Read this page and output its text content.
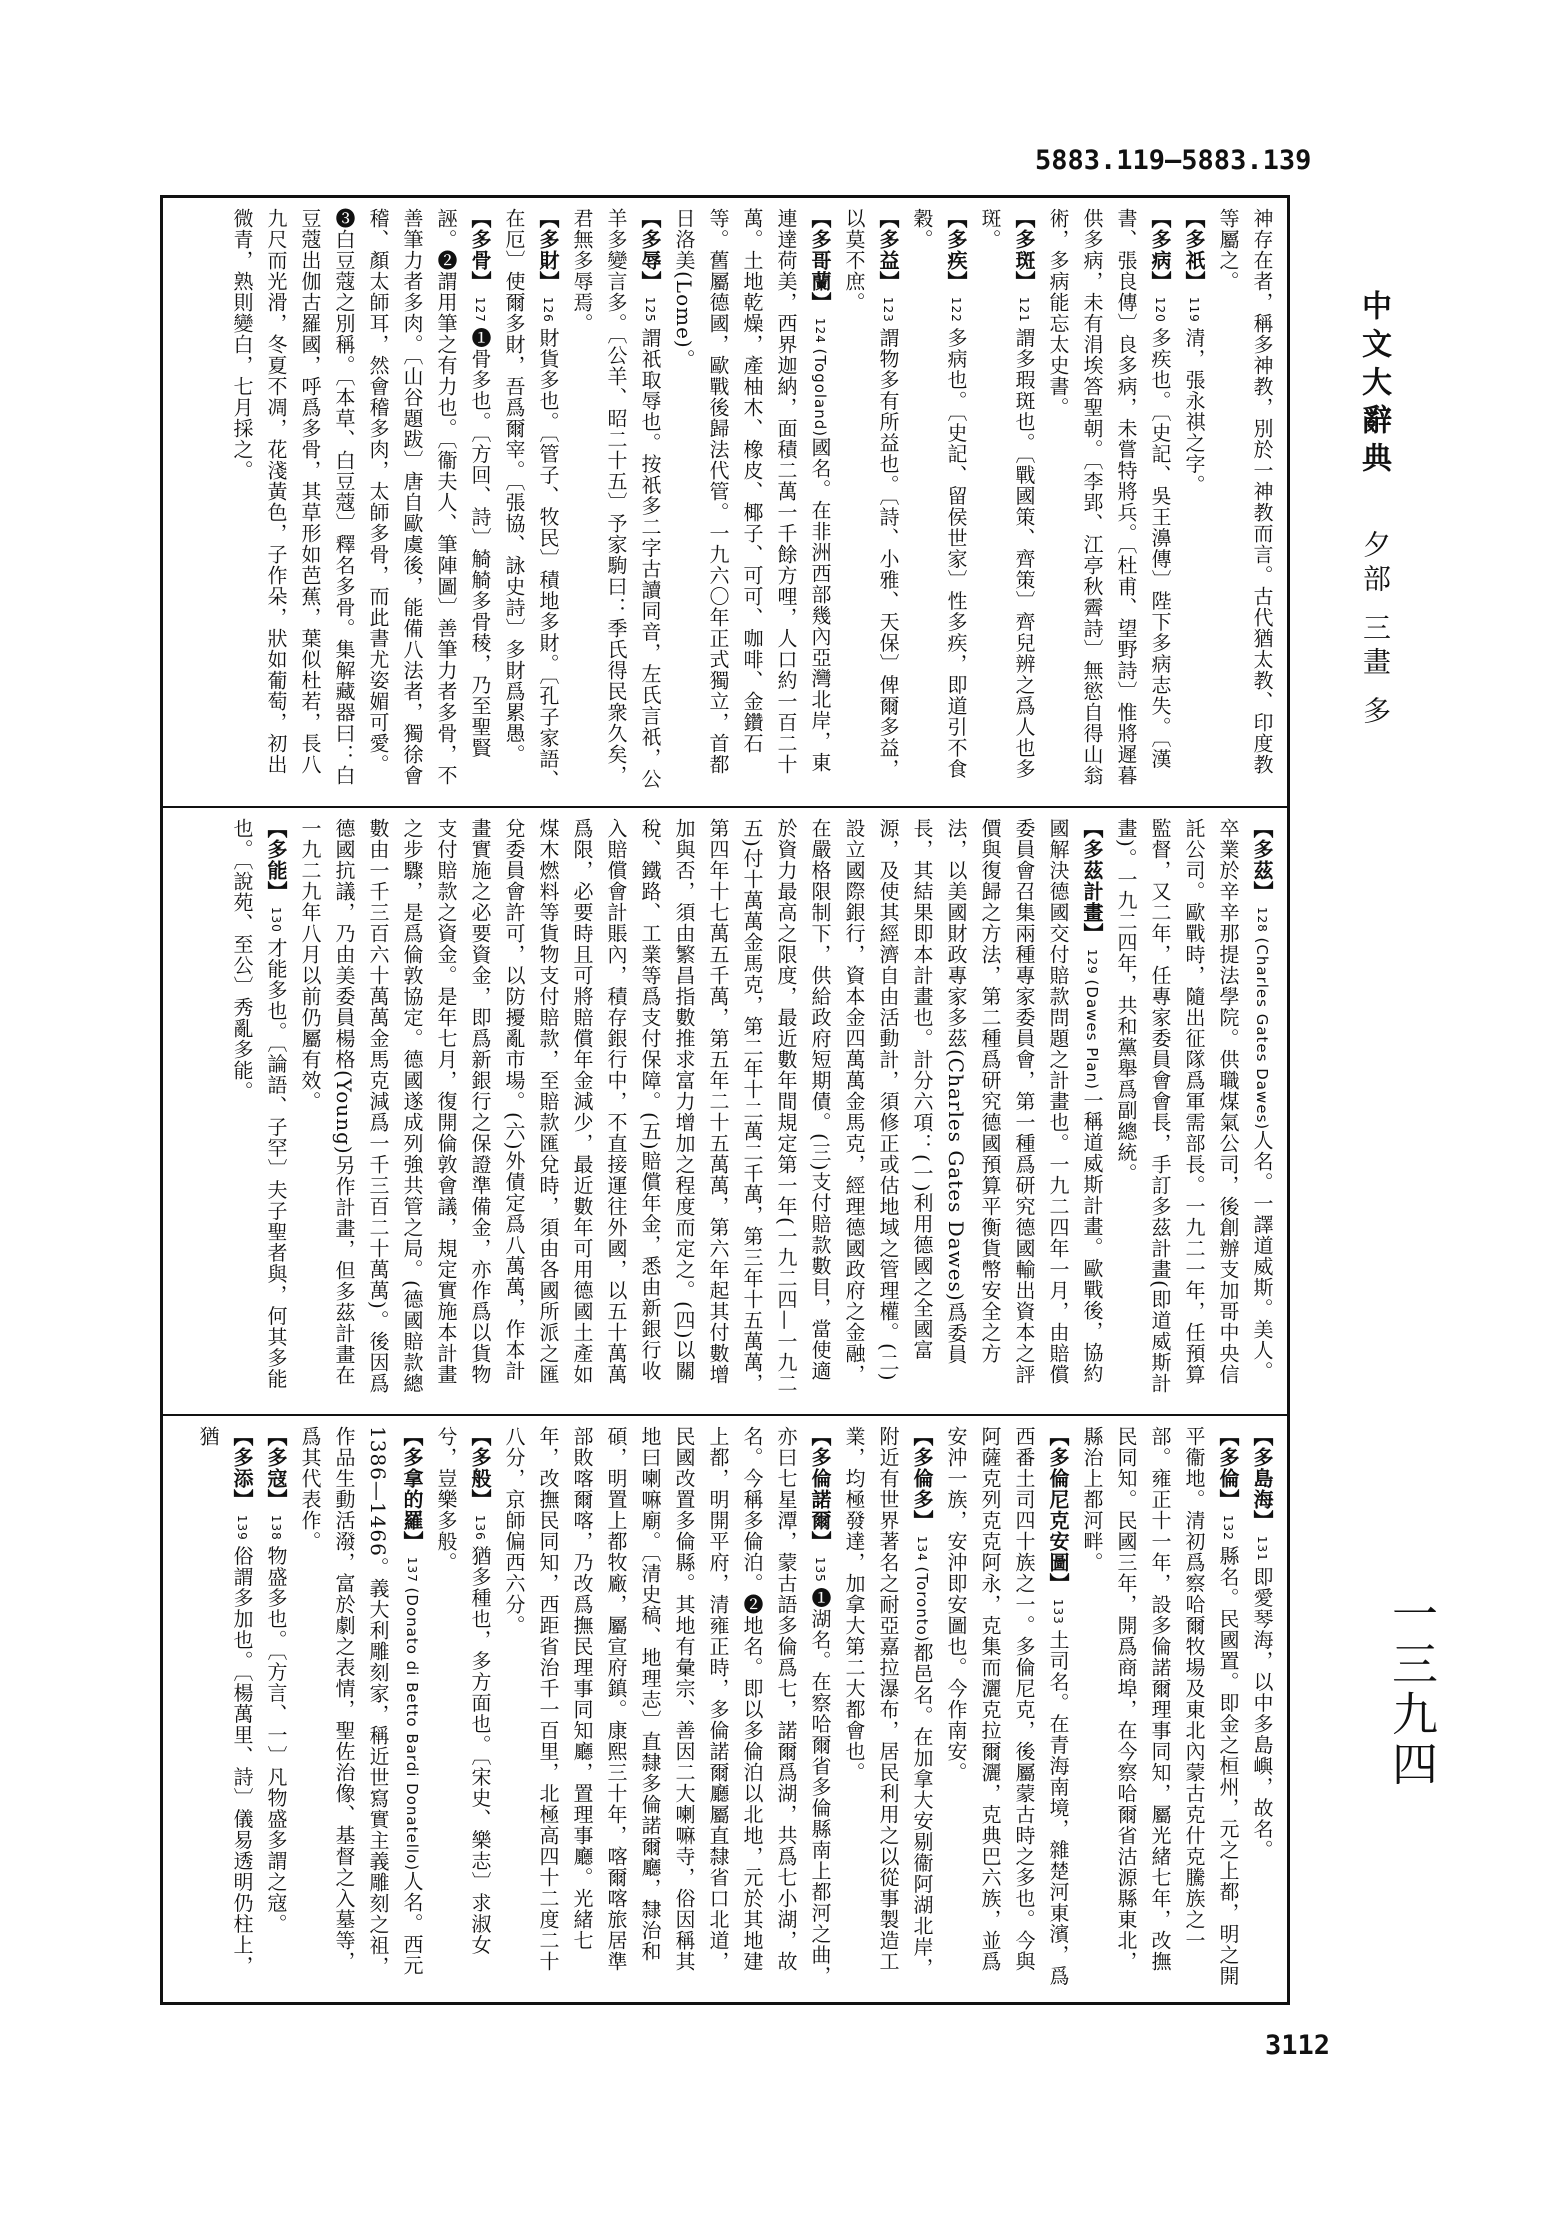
5883.119—5883.139
中文大辭典
夕部 三畫 多
一三九四
3112
神存在者，稱多神教，別於一神教而言。古代猶太教、印度教等屬之。
【 多祇 】 119 清，張永祺之字。
【 多病 】 120 多疾也。〔史記、吳王濞傳〕陛下多病志失。〔漢書、張良傳〕良多病，未嘗特將兵。〔杜甫、望野詩〕惟將遲暮供多病，未有涓埃答聖朝。〔李郢、江亭秋霽詩〕無慾自得山翁術，多病能忘太史書。
【 多斑 】 121 謂多瑕斑也。〔戰國策、齊策〕齊兒辨之爲人也多斑。
【 多疾 】 122 多病也。〔史記、留侯世家〕性多疾，即道引不食穀。
【 多益 】 123 謂物多有所益也。〔詩、小雅、天保〕俾爾多益，以莫不庶。
【 多哥蘭 】 124 (Togoland)國名。在非洲西部幾內亞灣北岸，東連達荷美，西界迦納，面積二萬一千餘方哩，人口約一百二十萬。土地乾燥，產柚木、橡皮、椰子、可可、咖啡、金鑽石等。舊屬德國，歐戰後歸法代管。一九六〇年正式獨立，首都日洛美(Lome)。
【 多辱 】 125 謂祇取辱也。按祇多二字古讀同音，左氏言祇，公羊多變言多。〔公羊、昭二十五〕予家駒曰：季氏得民衆久矣，君無多辱焉。
【 多財 】 126 財貨多也。〔管子、牧民〕積地多財。〔孔子家語、在厄〕使爾多財，吾爲爾宰。〔張協、詠史詩〕多財爲累愚。
【 多骨 】 127 ❶骨多也。〔方回、詩〕觭觭多骨稜，乃至聖賢誣。❷謂用筆之有力也。〔衞夫人、筆陣圖〕善筆力者多骨，不善筆力者多肉。〔山谷題跋〕唐自歐虞後，能備八法者，獨徐會稽、顏太師耳，然會稽多肉，太師多骨，而此書尤姿媚可愛。❸白豆蔻之別稱。〔本草、白豆蔻〕釋名多骨。集解藏器曰：白豆蔻出伽古羅國，呼爲多骨，其草形如芭蕉，葉似杜若，長八九尺而光滑，冬夏不凋，花淺黃色，子作朵，狀如葡萄，初出微青，熟則變白，七月採之。
【 多茲 】 128 (Charles Gates Dawes)人名。一譯道威斯。美人。卒業於辛辛那提法學院。供職煤氣公司，後創辦支加哥中央信託公司。歐戰時，隨出征隊爲軍需部長。一九二一年，任預算監督，又二年，任專家委員會會長，手訂多茲計畫(即道威斯計畫)。一九二四年，共和黨舉爲副總統。
【 多茲計畫 】 129 (Dawes Plan)一稱道威斯計畫。歐戰後，協約國解決德國交付賠款問題之計畫也。一九二四年一月，由賠償委員會召集兩種專家委員會，第一種爲研究德國輸出資本之評價與復歸之方法，第二種爲研究德國預算平衡貨幣安全之方法，以美國財政專家多茲(Charles Gates Dawes)爲委員長，其結果即本計畫也。計分六項：(一)利用德國之全國富源，及使其經濟自由活動計，須修正或估地域之管理權。(二)設立國際銀行，資本金四萬萬金馬克，經理德國政府之金融，在嚴格限制下，供給政府短期債。(三)支付賠款數目，當使適於資力最高之限度，最近數年間規定第一年(一九二四—一九二五)付十萬萬金馬克，第二年十二萬二千萬，第三年十五萬萬，第四年十七萬五千萬，第五年二十五萬萬，第六年起其付數增加與否，須由繁昌指數推求富力增加之程度而定之。(四)以關稅、鐵路、工業等爲支付保障。(五)賠償年金，悉由新銀行收入賠償會計賬內，積存銀行中，不直接運往外國，以五十萬萬爲限，必要時且可將賠償年金減少，最近數年可用德國土產如煤木燃料等貨物支付賠款，至賠款匯兌時，須由各國所派之匯兌委員會許可，以防擾亂市場。(六)外債定爲八萬萬，作本計畫實施之必要資金，即爲新銀行之保證準備金，亦作爲以貨物支付賠款之資金。是年七月，復開倫敦會議，規定實施本計畫之步驟，是爲倫敦協定。德國遂成列強共管之局。(德國賠款總數由一千三百六十萬萬金馬克減爲一千三百二十萬萬)。後因爲德國抗議，乃由美委員楊格(Young)另作計畫，但多茲計畫在一九二九年八月以前仍屬有效。
【 多能 】 130 才能多也。〔論語、子罕〕夫子聖者與，何其多能也。〔說苑、至公〕秀亂多能。
【 多島海 】 131 即愛琴海，以中多島嶼，故名。
【 多倫 】 132 縣名。民國置。即金之桓州，元之上都，明之開平衞地。清初爲察哈爾牧場及東北內蒙古克什克騰族之一部。雍正十一年，設多倫諾爾理事同知，屬光緒七年，改撫民同知。民國三年，開爲商埠，在今察哈爾省沽源縣東北，縣治上都河畔。
【 多倫尼克安圖 】 133 土司名。在青海南境，雜楚河東濱，爲西番土司四十族之一。多倫尼克，後屬蒙古時之多也。今與阿薩克列克克阿永，克集而灑克拉爾灑，克典巴六族，並爲安沖一族，安沖即安圖也。今作南安。
【 多倫多 】 134 (Toronto)都邑名。在加拿大安剔衞阿湖北岸，附近有世界著名之耐亞嘉拉瀑布，居民利用之以從事製造工業，均極發達，加拿大第二大都會也。
【 多倫諾爾 】 135 ❶湖名。在察哈爾省多倫縣南上都河之曲，亦曰七星潭，蒙古語多倫爲七，諾爾爲湖，共爲七小湖，故名。今稱多倫泊。❷地名。即以多倫泊以北地，元於其地建上都，明開平府，清雍正時，多倫諾爾廳屬直隸省口北道，民國改置多倫縣。其地有彙宗、善因二大喇嘛寺，俗因稱其地曰喇嘛廟。〔清史稿、地理志〕直隸多倫諾爾廳，隸治和碩，明置上都牧廠，屬宣府鎮。康熙三十年，喀爾喀旅居準部敗喀爾喀，乃改爲撫民理事同知廳，置理事廳。光緒七年，改撫民同知，西距省治千一百里，北極高四十二度二十八分，京師偏西六分。
【 多般 】 136 猶多種也，多方面也。〔宋史、樂志〕求淑女兮，豈樂多般。
【 多拿的羅 】 137 (Donato di Betto Bardi Donatello)人名。西元1386—1466。義大利雕刻家，稱近世寫實主義雕刻之祖，作品生動活潑，富於劇之表情，聖佐治像、基督之入墓等，爲其代表作。
【 多寇 】 138 物盛多也。〔方言、一〕凡物盛多謂之寇。
【 多添 】 139 俗謂多加也。〔楊萬里、詩〕儀易透明仍柱上，猶
